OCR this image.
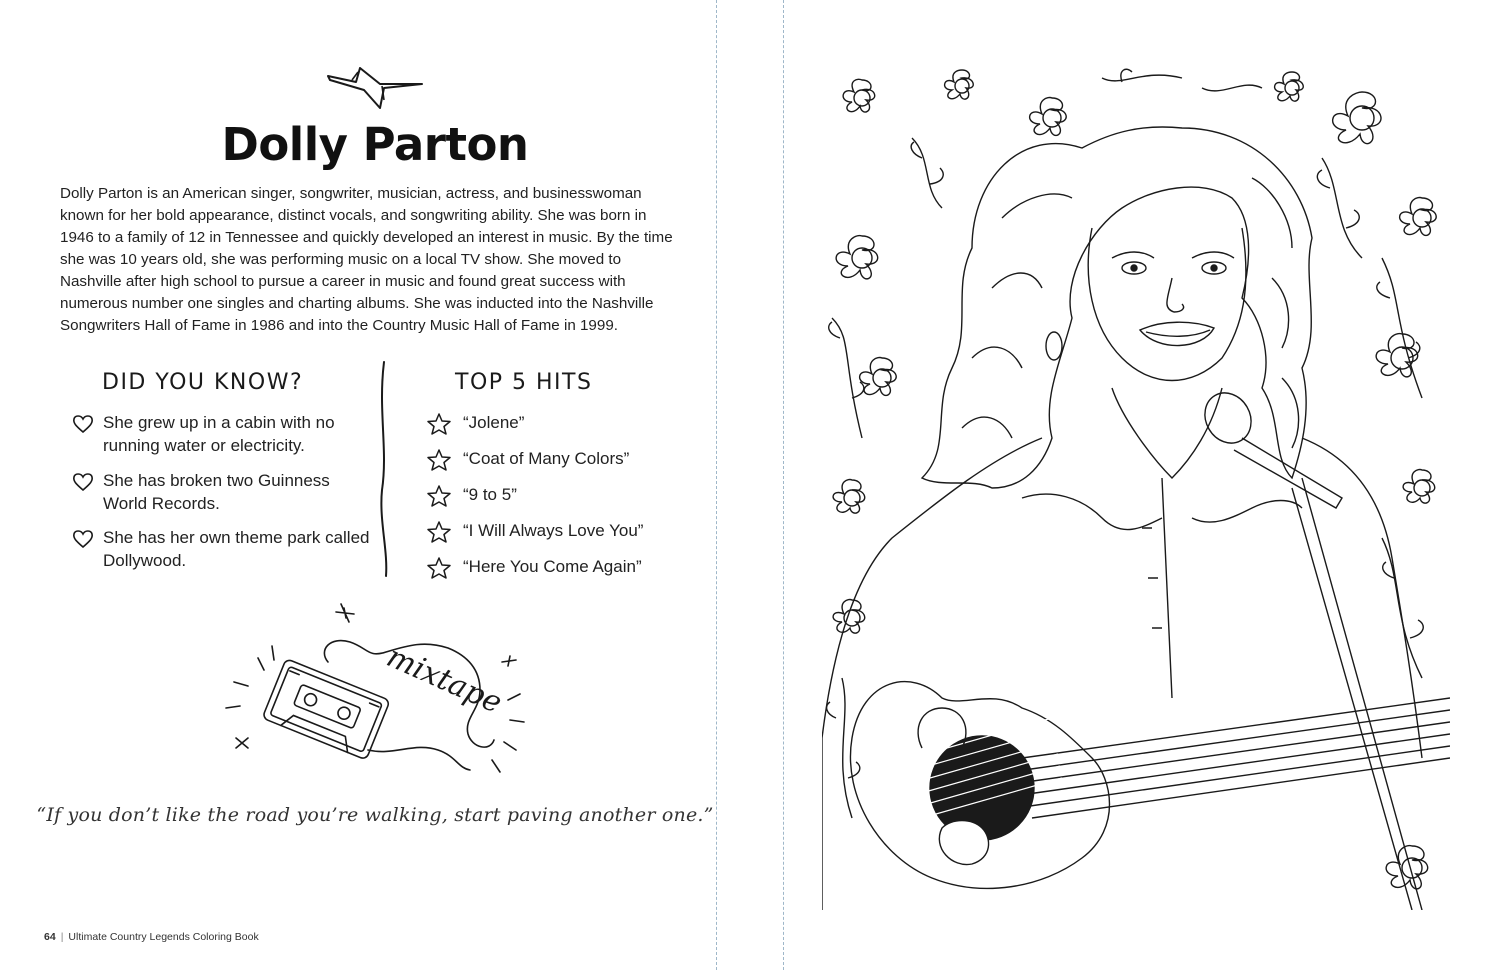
Dolly Parton
Dolly Parton is an American singer, songwriter, musician, actress, and businesswoman known for her bold appearance, distinct vocals, and songwriting ability. She was born in 1946 to a family of 12 in Tennessee and quickly developed an interest in music. By the time she was 10 years old, she was performing music on a local TV show. She moved to Nashville after high school to pursue a career in music and found great success with numerous number one singles and charting albums. She was inducted into the Nashville Songwriters Hall of Fame in 1986 and into the Country Music Hall of Fame in 1999.
DID YOU KNOW?	TOP 5 HITS
She grew up in a cabin with no running water or electricity.
She has broken two Guinness World Records.
She has her own theme park called Dollywood.
“Jolene”
“Coat of Many Colors”
“9 to 5”
“I Will Always Love You”
“Here You Come Again”
mixtape
“If you don’t like the road you’re walking, start paving another one.”
64 | Ultimate Country Legends Coloring Book
